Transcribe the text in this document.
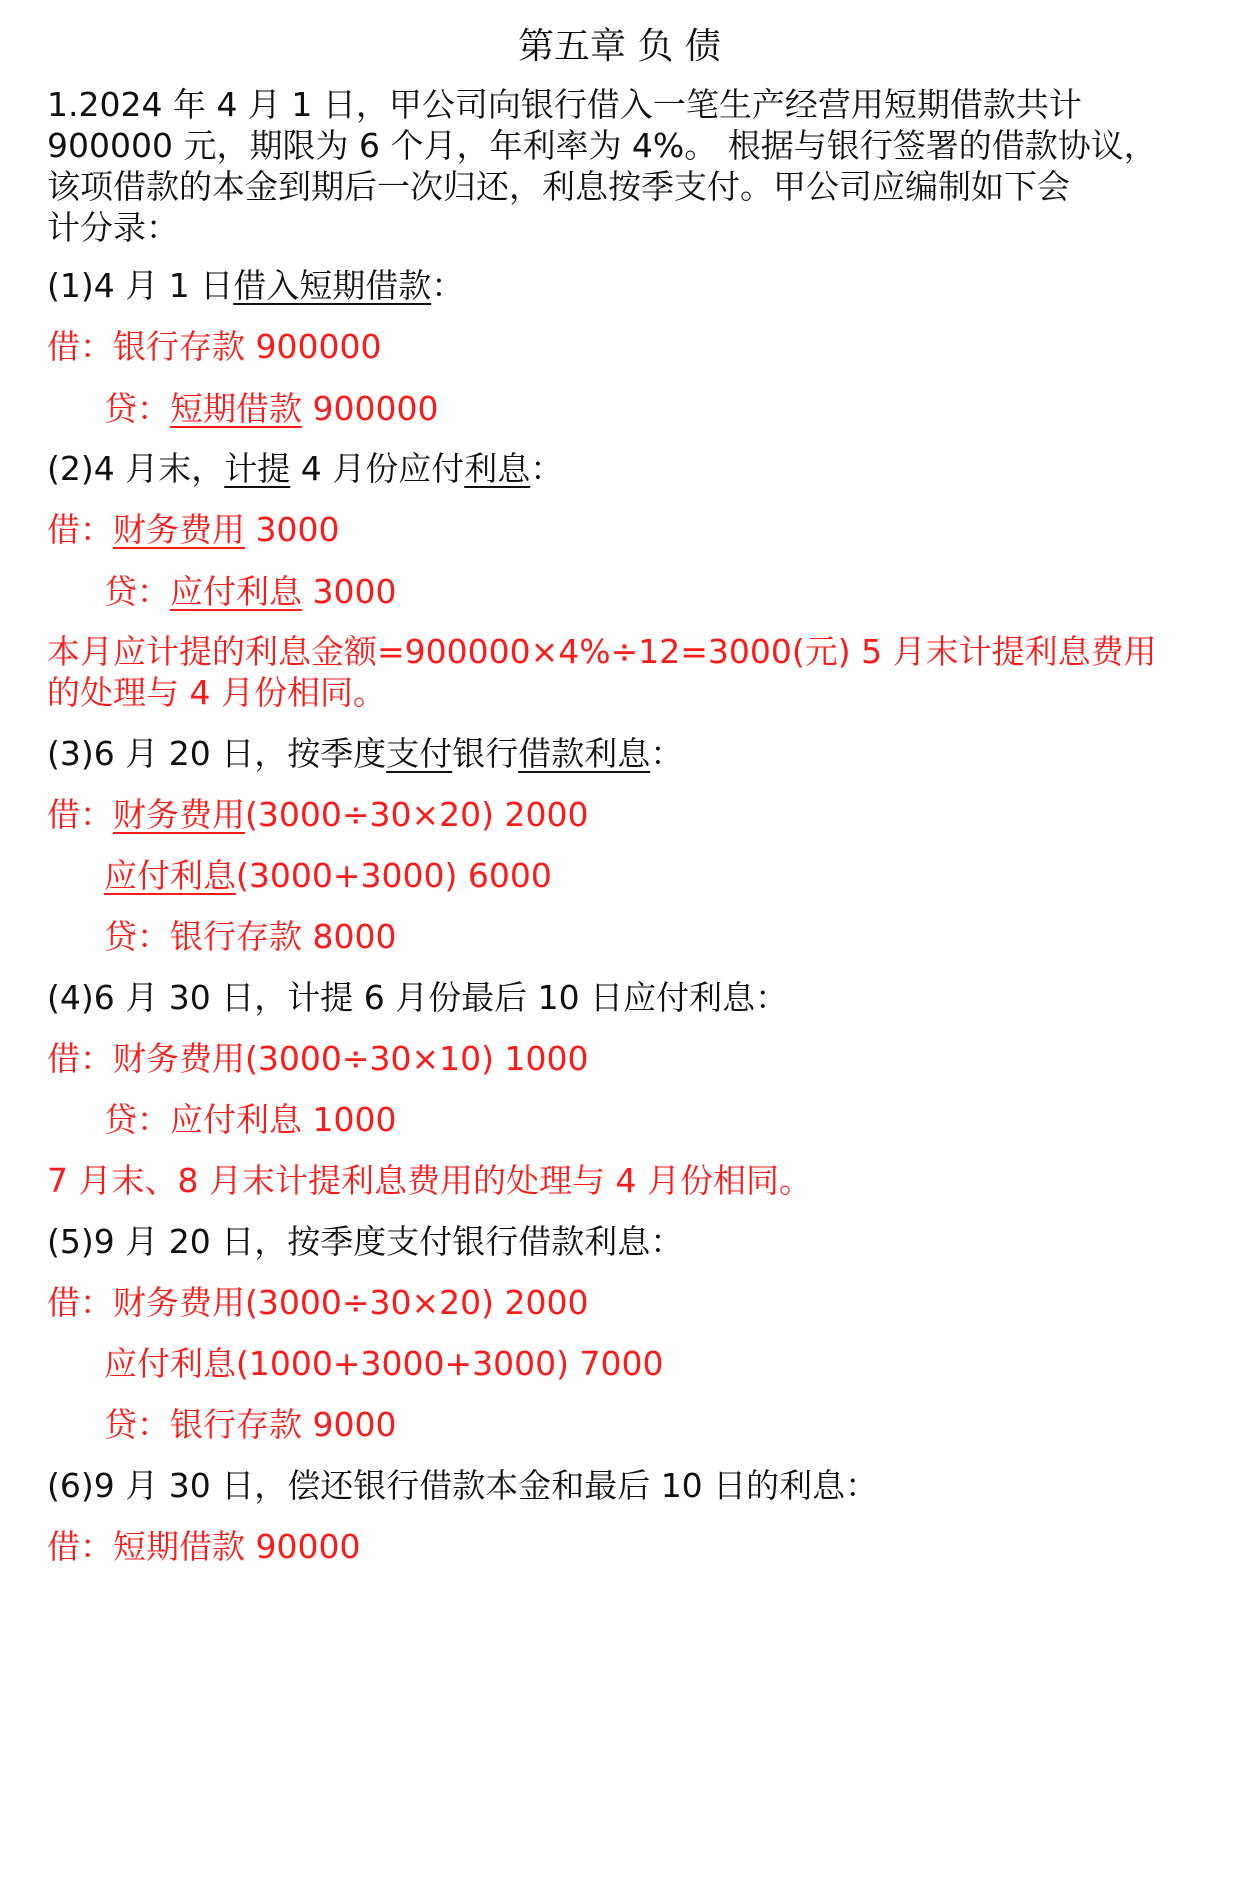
第五章 负 债
1.2024 年 4 月 1 日，甲公司向银行借入一笔生产经营用短期借款共计
900000 元，期限为 6 个月，年利率为 4%。 根据与银行签署的借款协议，
该项借款的本金到期后一次归还，利息按季支付。甲公司应编制如下会
计分录：
(1)4 月 1 日借入短期借款：
借：银行存款 900000
贷：短期借款 900000
(2)4 月末，计提 4 月份应付利息：
借：财务费用 3000
贷：应付利息 3000
本月应计提的利息金额=900000×4%÷12=3000(元) 5 月末计提利息费用
的处理与 4 月份相同。
(3)6 月 20 日，按季度支付银行借款利息：
借：财务费用(3000÷30×20) 2000
应付利息(3000+3000) 6000
贷：银行存款 8000
(4)6 月 30 日，计提 6 月份最后 10 日应付利息：
借：财务费用(3000÷30×10) 1000
贷：应付利息 1000
7 月末、8 月末计提利息费用的处理与 4 月份相同。
(5)9 月 20 日，按季度支付银行借款利息：
借：财务费用(3000÷30×20) 2000
应付利息(1000+3000+3000) 7000
贷：银行存款 9000
(6)9 月 30 日，偿还银行借款本金和最后 10 日的利息：
借：短期借款 90000
